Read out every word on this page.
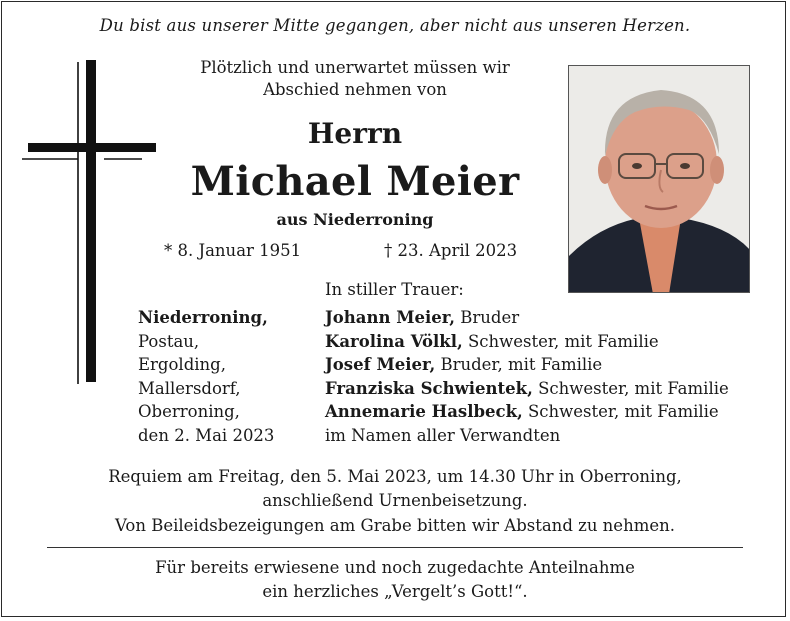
Du bist aus unserer Mitte gegangen, aber nicht aus unseren Herzen.
Plötzlich und unerwartet müssen wir
Abschied nehmen von
Herrn
Michael Meier
aus Niederroning
* 8. Januar 1951	† 23. April 2023
In stiller Trauer:
Niederroning,
Postau,
Ergolding,
Mallersdorf,
Oberroning,
den 2. Mai 2023
Johann Meier, Bruder
Karolina Völkl, Schwester, mit Familie
Josef Meier, Bruder, mit Familie
Franziska Schwientek, Schwester, mit Familie
Annemarie Haslbeck, Schwester, mit Familie
im Namen aller Verwandten
Requiem am Freitag, den 5. Mai 2023, um 14.30 Uhr in Oberroning,
anschließend Urnenbeisetzung.
Von Beileidsbezeigungen am Grabe bitten wir Abstand zu nehmen.
Für bereits erwiesene und noch zugedachte Anteilnahme
ein herzliches „Vergelt’s Gott!“.
